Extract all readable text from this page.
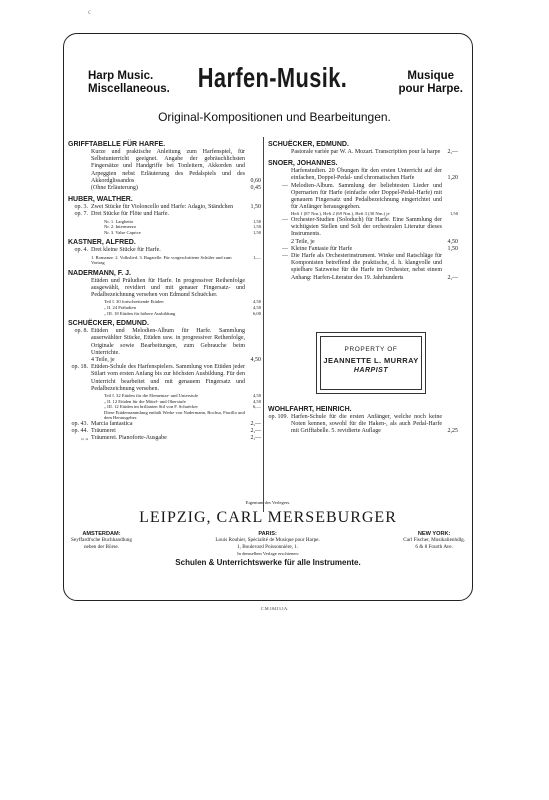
c
Harp Music.
Miscellaneous. Harfen-Musik.	Musique
pour Harpe.
Original-Kompositionen und Bearbeitungen.
GRIFFTABELLE FÜR HARFE.
Kurze und praktische Anleitung zum Harfenspiel, für Selbstunterricht geeignet. Angabe der gebräuchlichsten Fingersätze und Handgriffe bei Tonleitern, Akkorden und Arpeggien nebst Erläuterung des Pedalspiels und des Akkordglissandos	0,60
(Ohne Erläuterung)	0,45
HUBER, WALTHER.
op. 3. Zwei Stücke für Violoncello und Harfe: Adagio, Ständchen	1,50
op. 7. Drei Stücke für Flöte und Harfe.
Nr. 1. Larghetto	1,50
Nr. 2. Intermezzo	1,50
Nr. 3. Valse Caprice	1,50
KASTNER, ALFRED.
op. 4. Drei kleine Stücke für Harfe.
1. Romanze. 2. Volkslied. 3. Bagatelle. Für vorgeschrittene Schüler und zum Vortrag
1,—
NADERMANN, F. J.
Etüden und Präludien für Harfe. In progressiver Reihenfolge ausgewählt, revidiert und mit genauer Fingersatz- und Pedalbezeichnung versehen von Edmund Schuëcker.
Teil I. 30 fortschreitende Etüden	4,50
„ II. 24 Präludien	4,50
„ III. 18 Etüden für höhere Ausbildung	6,00
SCHUËCKER, EDMUND.
op. 8. Etüden und Melodien-Album für Harfe. Sammlung auserwählter Stücke, Etüden usw. in progressiver Reihenfolge, Originale sowie Bearbeitungen, zum Gebrauche beim Unterrichte.
4 Teile, je	4,50
op. 18. Etüden-Schule des Harfenspielers. Sammlung von Etüden jeder Stilart vom ersten Anfang bis zur höchsten Ausbildung. Für den Unterricht bearbeitet und mit genauem Fingersatz und Pedalbezeichnung versehen.
Teil I. 32 Etüden für die Elementar- und Unterstufe	4,50
„ II. 12 Etüden für die Mittel- und Oberstufe	4,50
„ III. 12 Etüden im brillanten Stil von F. Schuëcker	6,—
Diese Etüdensammlung enthält Werke von Nadermann, Bochsa, Fiorillo und dem Herausgeber.
op. 43. Marcia fantastica	2,—
op. 44. Träumerei	2,—
„ „ Träumerei. Pianoforte-Ausgabe	2,—
SCHUËCKER, EDMUND.
Pastorale variée par W. A. Mozart. Transcription pour la harpe	2,—
SNOER, JOHANNES.
Harfenstudien. 20 Übungen für den ersten Unterricht auf der einfachen, Doppel-Pedal- und chromatischen Harfe	1,20
— Melodien-Album. Sammlung der beliebtesten Lieder und Opernarien für Harfe (einfache oder Doppel-Pedal-Harfe) mit genauem Fingersatz und Pedalbezeichnung eingerichtet und für Anfänger herausgegeben.
Heft 1 (87 Nrn.), Heft 2 (69 Nrn.), Heft 3 (30 Nrn.) je	1,50
— Orchester-Studien (Soloduch) für Harfe. Eine Sammlung der wichtigsten Stellen und Soli der orchestralen Literatur dieses Instruments.
2 Teile, je	4,50
— Kleine Fantasie für Harfe	1,50
— Die Harfe als Orchesterinstrument. Winke und Ratschläge für Komponisten betreffend die praktische, d. h. klangvolle und spielbare Satzweise für die Harfe im Orchester, nebst einem Anhang: Harfen-Literatur des 19. Jahrhunderts	2,—
WOHLFAHRT, HEINRICH.
op. 109. Harfen-Schule für die ersten Anfänger, welche noch keine Noten kennen, sowohl für die Haken-, als auch Pedal-Harfe mit Grifftabelle. 5. revidierte Auflage	2,25
PROPERTY OF
JEANNETTE L. MURRAY
HARPIST
Eigentum des Verlegers.
LEIPZIG, CARL MERSEBURGER
AMSTERDAM:
Seyffardt'sche Buchhandlung
neben der Börse.
PARIS:
Louis Rouhier, Spécialité de Musique pour Harpe.
1, Boulevard Poissonnière, 1.
NEW YORK:
Carl Fischer, Musikalienhdlg.
6 & 8 Fourth Ave.
In demselben Verlage erschienen:
Schulen & Unterrichtswerke für alle Instrumente.
C.M.10413.1A.
